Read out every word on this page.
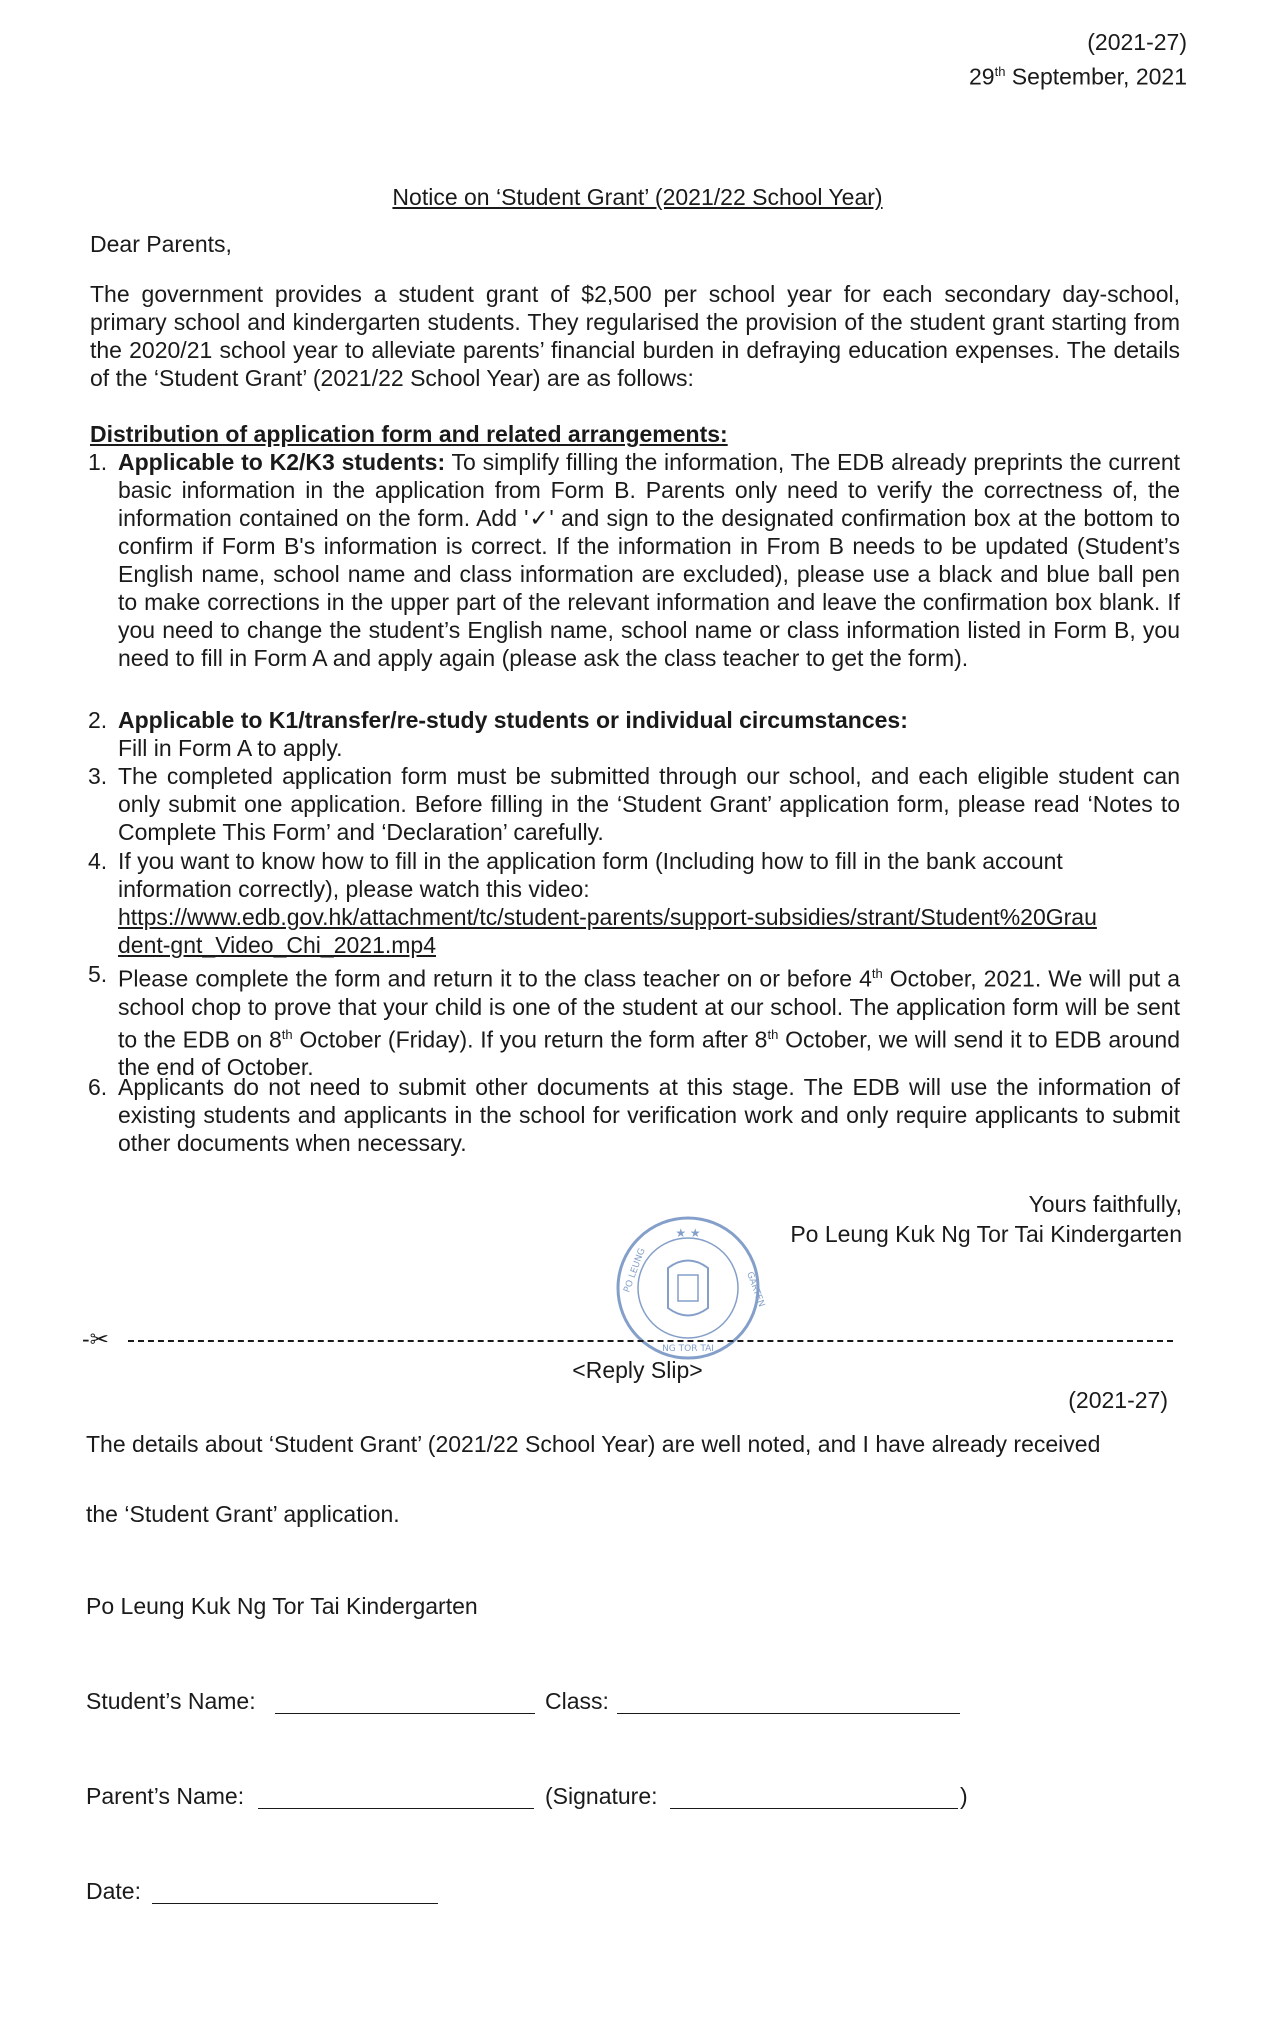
(2021-27)
29th September, 2021
Notice on ‘Student Grant’ (2021/22 School Year)
Dear Parents,
The government provides a student grant of $2,500 per school year for each secondary day-school, primary school and kindergarten students. They regularised the provision of the student grant starting from the 2020/21 school year to alleviate parents’ financial burden in defraying education expenses. The details of the ‘Student Grant’ (2021/22 School Year) are as follows:
Distribution of application form and related arrangements:
1. Applicable to K2/K3 students: To simplify filling the information, The EDB already preprints the current basic information in the application from Form B. Parents only need to verify the correctness of, the information contained on the form. Add '✓' and sign to the designated confirmation box at the bottom to confirm if Form B's information is correct. If the information in From B needs to be updated (Student’s English name, school name and class information are excluded), please use a black and blue ball pen to make corrections in the upper part of the relevant information and leave the confirmation box blank. If you need to change the student’s English name, school name or class information listed in Form B, you need to fill in Form A and apply again (please ask the class teacher to get the form).
2. Applicable to K1/transfer/re-study students or individual circumstances:
Fill in Form A to apply.
3. The completed application form must be submitted through our school, and each eligible student can only submit one application. Before filling in the ‘Student Grant’ application form, please read ‘Notes to Complete This Form’ and ‘Declaration’ carefully.
4. If you want to know how to fill in the application form (Including how to fill in the bank account information correctly), please watch this video:
https://www.edb.gov.hk/attachment/tc/student-parents/support-subsidies/strant/Student%20Grau
dent-gnt_Video_Chi_2021.mp4
5. Please complete the form and return it to the class teacher on or before 4th October, 2021. We will put a school chop to prove that your child is one of the student at our school. The application form will be sent to the EDB on 8th October (Friday). If you return the form after 8th October, we will send it to EDB around the end of October.
6. Applicants do not need to submit other documents at this stage. The EDB will use the information of existing students and applicants in the school for verification work and only require applicants to submit other documents when necessary.
Yours faithfully,
Po Leung Kuk Ng Tor Tai Kindergarten
★ ★
NG TOR TAI
PO LEUNG	GARTEN
-✂
<Reply Slip>
(2021-27)
The details about ‘Student Grant’ (2021/22 School Year) are well noted, and I have already received
the ‘Student Grant’ application.
Po Leung Kuk Ng Tor Tai Kindergarten
Student’s Name:	Class:
Parent’s Name:	(Signature:	)
Date:
